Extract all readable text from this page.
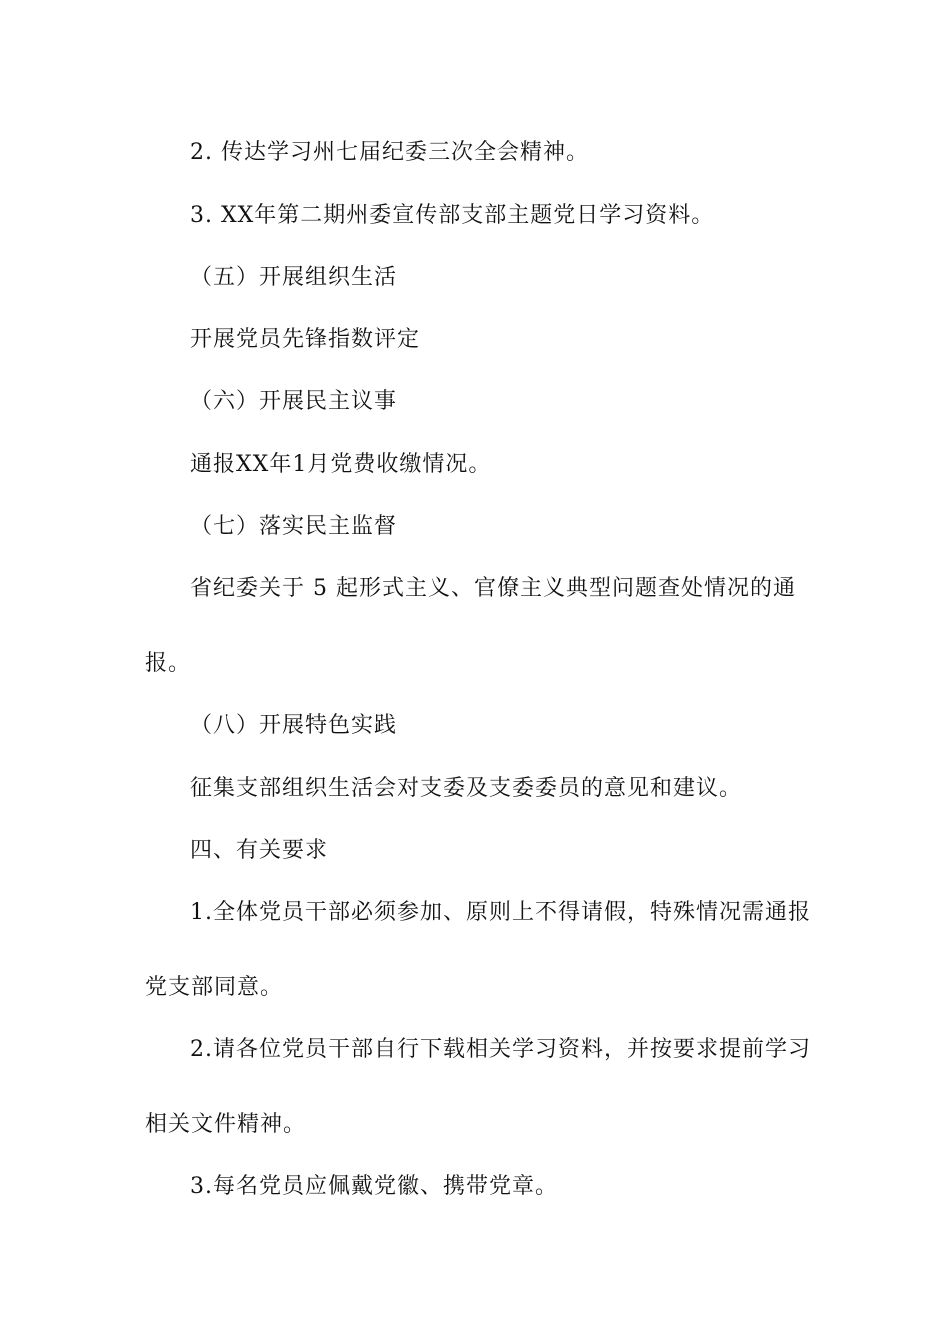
2. 传达学习州七届纪委三次全会精神。
3. XX年第二期州委宣传部支部主题党日学习资料。
（五）开展组织生活
开展党员先锋指数评定
（六）开展民主议事
通报XX年1月党费收缴情况。
（七）落实民主监督
省纪委关于 5 起形式主义、官僚主义典型问题查处情况的通
报。
（八）开展特色实践
征集支部组织生活会对支委及支委委员的意见和建议。
四、有关要求
1.全体党员干部必须参加、原则上不得请假，特殊情况需通报
党支部同意。
2.请各位党员干部自行下载相关学习资料，并按要求提前学习
相关文件精神。
3.每名党员应佩戴党徽、携带党章。
